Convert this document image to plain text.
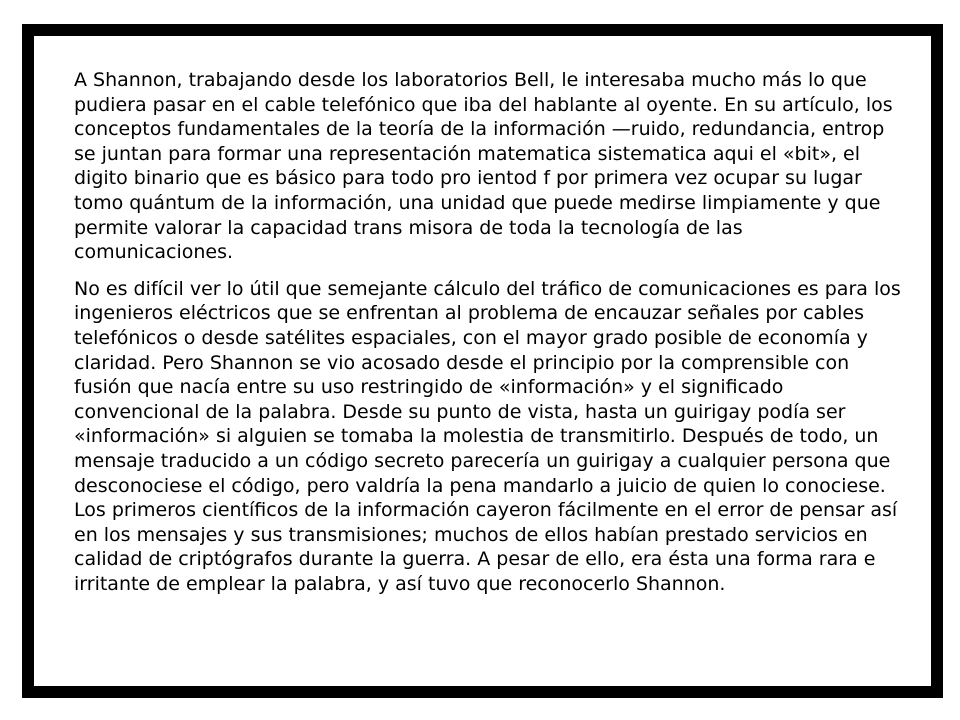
A Shannon, trabajando desde los laboratorios Bell, le interesaba mucho más lo que pudiera pasar en el cable telefónico que iba del hablante al oyente. En su artículo, los conceptos fundamentales de la teoría de la información —ruido, redundancia, entrop se juntan para formar una representación matematica sistematica aqui el «bit», el digito binario que es básico para todo pro ientod f por primera vez ocupar su lugar tomo quántum de la información, una unidad que puede medirse limpiamente y que permite valorar la capacidad trans misora de toda la tecnología de las comunicaciones.

No es difícil ver lo útil que semejante cálculo del tráfico de comunicaciones es para los ingenieros eléctricos que se enfrentan al problema de encauzar señales por cables telefónicos o desde satélites espaciales, con el mayor grado posible de economía y claridad. Pero Shannon se vio acosado desde el principio por la comprensible con fusión que nacía entre su uso restringido de «información» y el significado convencional de la palabra. Desde su punto de vista, hasta un guirigay podía ser «información» si alguien se tomaba la molestia de transmitirlo. Después de todo, un mensaje traducido a un código secreto parecería un guirigay a cualquier persona que desconociese el código, pero valdría la pena mandarlo a juicio de quien lo conociese. Los primeros científicos de la información cayeron fácilmente en el error de pensar así en los mensajes y sus transmisiones; muchos de ellos habían prestado servicios en calidad de criptógrafos durante la guerra. A pesar de ello, era ésta una forma rara e irritante de emplear la palabra, y así tuvo que reconocerlo Shannon.
